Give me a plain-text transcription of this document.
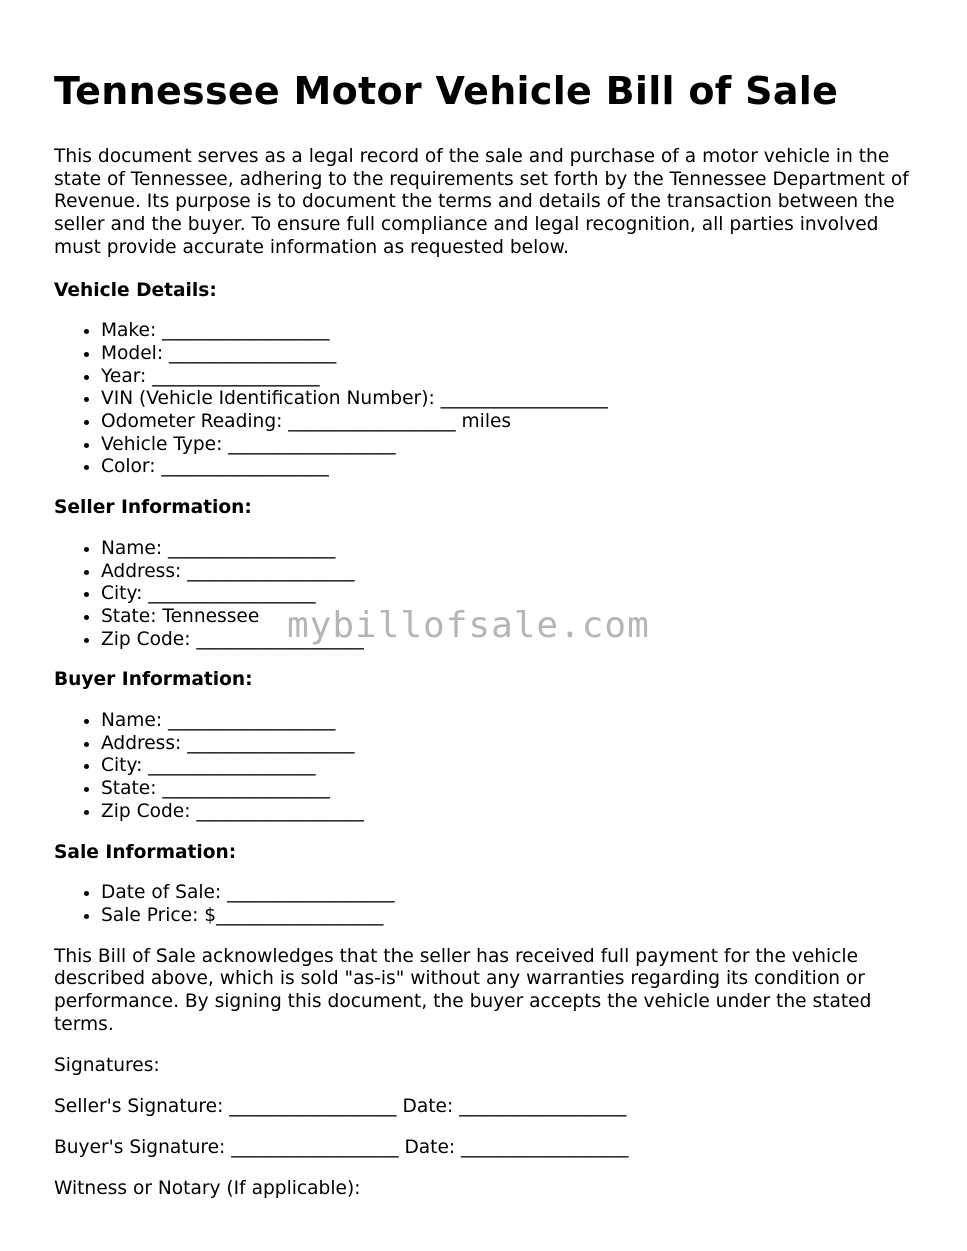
Tennessee Motor Vehicle Bill of Sale

This document serves as a legal record of the sale and purchase of a motor vehicle in the state of Tennessee, adhering to the requirements set forth by the Tennessee Department of Revenue. Its purpose is to document the terms and details of the transaction between the seller and the buyer. To ensure full compliance and legal recognition, all parties involved must provide accurate information as requested below.

Vehicle Details:
• Make: __________________
• Model: __________________
• Year: __________________
• VIN (Vehicle Identification Number): __________________
• Odometer Reading: __________________ miles
• Vehicle Type: __________________
• Color: __________________
Seller Information:
• Name: __________________
• Address: __________________
• City: __________________
• State: Tennessee
• Zip Code: __________________
Buyer Information:
• Name: __________________
• Address: __________________
• City: __________________
• State: __________________
• Zip Code: __________________
Sale Information:
• Date of Sale: __________________
• Sale Price: $__________________

This Bill of Sale acknowledges that the seller has received full payment for the vehicle described above, which is sold "as-is" without any warranties regarding its condition or performance. By signing this document, the buyer accepts the vehicle under the stated terms.

Signatures:

Seller's Signature: __________________ Date: __________________

Buyer's Signature: __________________ Date: __________________

Witness or Notary (If applicable):

mybillofsale.com
